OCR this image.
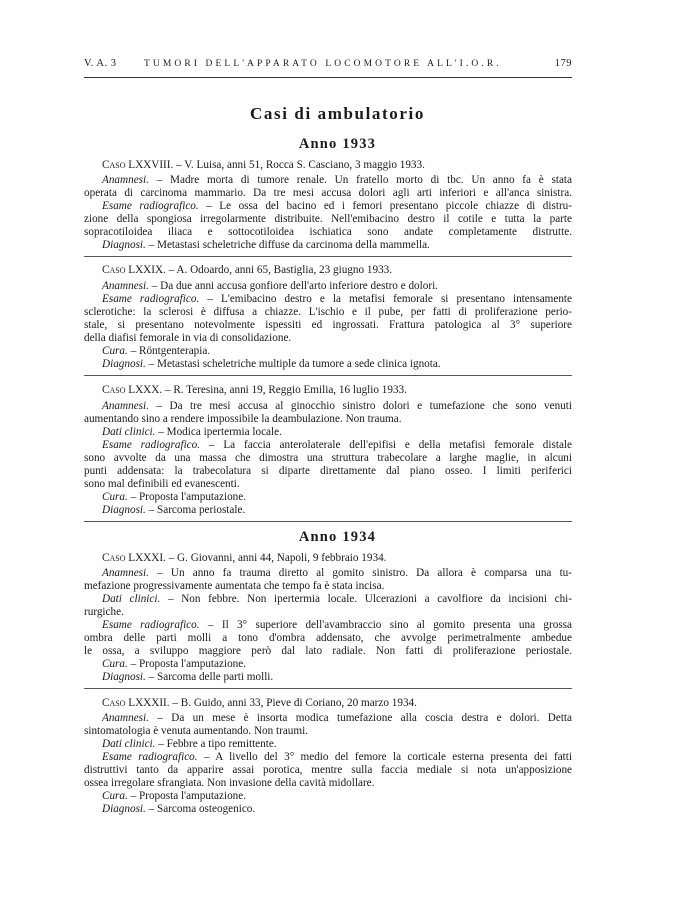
V. A. 3	TUMORI DELL'APPARATO LOCOMOTORE ALL'I.O.R.	179
Casi di ambulatorio
Anno 1933
Caso LXXVIII. – V. Luisa, anni 51, Rocca S. Casciano, 3 maggio 1933.
Anamnesi. – Madre morta di tumore renale. Un fratello morto di tbc. Un anno fa è stata
operata di carcinoma mammario. Da tre mesi accusa dolori agli arti inferiori e all'anca sinistra.
Esame radiografico. – Le ossa del bacino ed i femori presentano piccole chiazze di distru-
zione della spongiosa irregolarmente distribuite. Nell'emibacino destro il cotile e tutta la parte
sopracotiloidea iliaca e sottocotiloidea ischiatica sono andate completamente distrutte.
Diagnosi. – Metastasi scheletriche diffuse da carcinoma della mammella.
Caso LXXIX. – A. Odoardo, anni 65, Bastiglia, 23 giugno 1933.
Anamnesi. – Da due anni accusa gonfiore dell'arto inferiore destro e dolori.
Esame radiografico. – L'emibacino destro e la metafisi femorale si presentano intensamente
sclerotiche: la sclerosi è diffusa a chiazze. L'ischio e il pube, per fatti di proliferazione perio-
stale, si presentano notevolmente ispessiti ed ingrossati. Frattura patologica al 3° superiore
della diafisi femorale in via di consolidazione.
Cura. – Röntgenterapia.
Diagnosi. – Metastasi scheletriche multiple da tumore a sede clinica ignota.
Caso LXXX. – R. Teresina, anni 19, Reggio Emilia, 16 luglio 1933.
Anamnesi. – Da tre mesi accusa al ginocchio sinistro dolori e tumefazione che sono venuti
aumentando sino a rendere impossibile la deambulazione. Non trauma.
Dati clinici. – Modica ipertermia locale.
Esame radiografico. – La faccia anterolaterale dell'epifisi e della metafisi femorale distale
sono avvolte da una massa che dimostra una struttura trabecolare a larghe maglie, in alcuni
punti addensata: la trabecolatura si diparte direttamente dal piano osseo. I limiti periferici
sono mal definibili ed evanescenti.
Cura. – Proposta l'amputazione.
Diagnosi. – Sarcoma periostale.
Anno 1934
Caso LXXXI. – G. Giovanni, anni 44, Napoli, 9 febbraio 1934.
Anamnesi. – Un anno fa trauma diretto al gomito sinistro. Da allora è comparsa una tu-
mefazione progressivamente aumentata che tempo fa è stata incisa.
Dati clinici. – Non febbre. Non ipertermia locale. Ulcerazioni a cavolfiore da incisioni chi-
rurgiche.
Esame radiografico. – Il 3° superiore dell'avambraccio sino al gomito presenta una grossa
ombra delle parti molli a tono d'ombra addensato, che avvolge perimetralmente ambedue
le ossa, a sviluppo maggiore però dal lato radiale. Non fatti di proliferazione periostale.
Cura. – Proposta l'amputazione.
Diagnosi. – Sarcoma delle parti molli.
Caso LXXXII. – B. Guido, anni 33, Pieve di Coriano, 20 marzo 1934.
Anamnesi. – Da un mese è insorta modica tumefazione alla coscia destra e dolori. Detta
sintomatologia è venuta aumentando. Non traumi.
Dati clinici. – Febbre a tipo remittente.
Esame radiografico. – A livello del 3° medio del femore la corticale esterna presenta dei fatti
distruttivi tanto da apparire assai porotica, mentre sulla faccia mediale si nota un'apposizione
ossea irregolare sfrangiata. Non invasione della cavità midollare.
Cura. – Proposta l'amputazione.
Diagnosi. – Sarcoma osteogenico.
